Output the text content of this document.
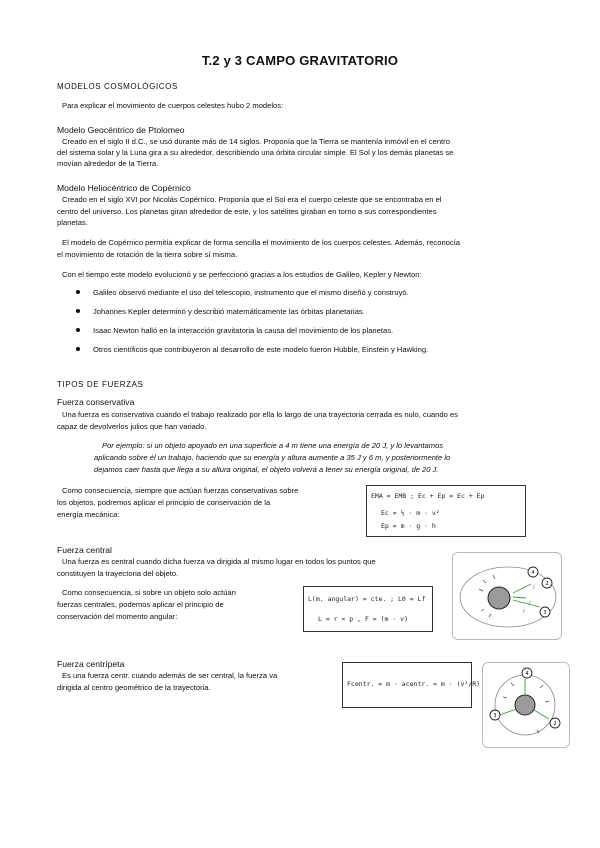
T.2 y 3 CAMPO GRAVITATORIO
MODELOS COSMOLÓGICOS
Para explicar el movimiento de cuerpos celestes hubo 2 modelos:
Modelo Geocéntrico de Ptolomeo
Creado en el siglo II d.C., se usó durante más de 14 siglos. Proponía que la Tierra se mantenía inmóvil en el centro
del sistema solar y la Luna gira a su alrededor, describiendo una órbita circular simple. El Sol y los demás planetas se
movían alrededor de la Tierra.
Modelo Heliocéntrico de Copérnico
Creado en el siglo XVI por Nicolás Copérnico. Proponía que el Sol era el cuerpo celeste que se encontraba en el
centro del universo. Los planetas giran alrededor de este, y los satélites giraban en torno a sus correspondientes
planetas.
El modelo de Copérnico permitía explicar de forma sencilla el movimiento de los cuerpos celestes. Además, reconocía
el movimiento de rotación de la tierra sobre sí misma.
Con el tiempo este modelo evolucionó y se perfeccionó gracias a los estudios de Galileo, Kepler y Newton:
Galileo observó mediante el uso del telescopio, instrumento que el mismo diseñó y construyó.
Johannes Kepler determinó y describió matemáticamente las órbitas planetarias.
Isaac Newton halló en la interacción gravitatoria la causa del movimiento de los planetas.
Otros científicos que contribuyeron al desarrollo de este modelo fueron Hubble, Einstein y Hawking.
TIPOS DE FUERZAS
Fuerza conservativa
Una fuerza es conservativa cuando el trabajo realizado por ella lo largo de una trayectoria cerrada es nulo, cuando es
capaz de devolverlos julios que han variado.
Por ejemplo: si un objeto apoyado en una superficie a 4 m tiene una energía de 20 J, y lo levantamos
aplicando sobre él un trabajo, haciendo que su energía y altura aumente a 35 J y 6 m, y posteriormente lo
dejamos caer hasta que llega a su altura original, el objeto volverá a tener su energía original, de 20 J.
Como consecuencia, siempre que actúan fuerzas conservativas sobre
los objetos, podremos aplicar el principio de conservación de la
energía mecánica:
EMA = EMB ; Ec + Ep = Ec + Ep
Ec = ½ · m · v²
Ep = m · g · h
Fuerza central
Una fuerza es central cuando dicha fuerza va dirigida al mismo lugar en todos los puntos que
constituyen la trayectoria del objeto.
Como consecuencia, si sobre un objeto solo actúan
fuerzas centrales, podemos aplicar el principio de
conservación del momento angular:
L(m. angular) = cte. ; L0 = Lf
L = r × p , F = (m · v)
F
F
F
4
2
3
Fuerza centrípeta
Es una fuerza centr. cuando además de ser central, la fuerza va
dirigida al centro geométrico de la trayectoria.	Fcentr. = m · acentr. = m · (v²/R)
4
3
2
